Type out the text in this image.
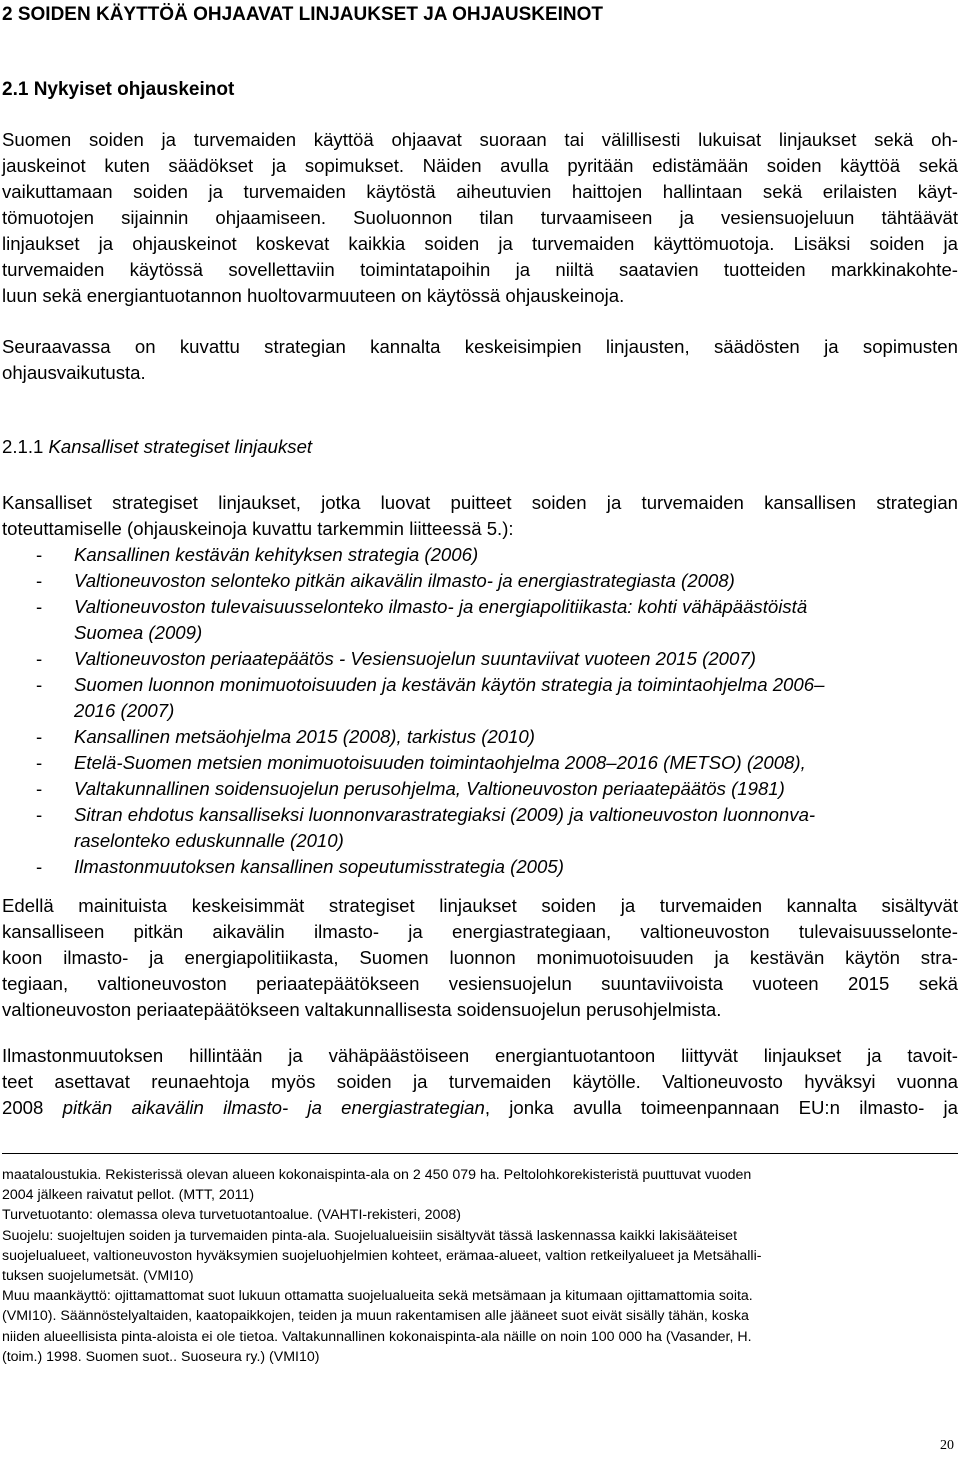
2 SOIDEN KÄYTTÖÄ OHJAAVAT LINJAUKSET JA OHJAUSKEINOT
2.1 Nykyiset ohjauskeinot
Suomen soiden ja turvemaiden käyttöä ohjaavat suoraan tai välillisesti lukuisat linjaukset sekä oh-
jauskeinot kuten säädökset ja sopimukset. Näiden avulla pyritään edistämään soiden käyttöä sekä
vaikuttamaan soiden ja turvemaiden käytöstä aiheutuvien haittojen hallintaan sekä erilaisten käyt-
tömuotojen sijainnin ohjaamiseen. Suoluonnon tilan turvaamiseen ja vesiensuojeluun tähtäävät
linjaukset ja ohjauskeinot koskevat kaikkia soiden ja turvemaiden käyttömuotoja. Lisäksi soiden ja
turvemaiden käytössä sovellettaviin toimintatapoihin ja niiltä saatavien tuotteiden markkinakohte-
luun sekä energiantuotannon huoltovarmuuteen on käytössä ohjauskeinoja.
Seuraavassa on kuvattu strategian kannalta keskeisimpien linjausten, säädösten ja sopimusten
ohjausvaikutusta.
2.1.1 Kansalliset strategiset linjaukset
Kansalliset strategiset linjaukset, jotka luovat puitteet soiden ja turvemaiden kansallisen strategian
toteuttamiselle (ohjauskeinoja kuvattu tarkemmin liitteessä 5.):
- Kansallinen kestävän kehityksen strategia (2006)
- Valtioneuvoston selonteko pitkän aikavälin ilmasto- ja energiastrategiasta (2008)
- Valtioneuvoston tulevaisuusselonteko ilmasto- ja energiapolitiikasta: kohti vähäpäästöistä
Suomea (2009)
- Valtioneuvoston periaatepäätös - Vesiensuojelun suuntaviivat vuoteen 2015 (2007)
- Suomen luonnon monimuotoisuuden ja kestävän käytön strategia ja toimintaohjelma 2006–
2016 (2007)
- Kansallinen metsäohjelma 2015 (2008), tarkistus (2010)
- Etelä-Suomen metsien monimuotoisuuden toimintaohjelma 2008–2016 (METSO) (2008),
- Valtakunnallinen soidensuojelun perusohjelma, Valtioneuvoston periaatepäätös (1981)
- Sitran ehdotus kansalliseksi luonnonvarastrategiaksi (2009) ja valtioneuvoston luonnonva-
raselonteko eduskunnalle (2010)
- Ilmastonmuutoksen kansallinen sopeutumisstrategia (2005)
Edellä mainituista keskeisimmät strategiset linjaukset soiden ja turvemaiden kannalta sisältyvät
kansalliseen pitkän aikavälin ilmasto- ja energiastrategiaan, valtioneuvoston tulevaisuusselonte-
koon ilmasto- ja energiapolitiikasta, Suomen luonnon monimuotoisuuden ja kestävän käytön stra-
tegiaan, valtioneuvoston periaatepäätökseen vesiensuojelun suuntaviivoista vuoteen 2015 sekä
valtioneuvoston periaatepäätökseen valtakunnallisesta soidensuojelun perusohjelmista.
Ilmastonmuutoksen hillintään ja vähäpäästöiseen energiantuotantoon liittyvät linjaukset ja tavoit-
teet asettavat reunaehtoja myös soiden ja turvemaiden käytölle. Valtioneuvosto hyväksyi vuonna
2008 pitkän aikavälin ilmasto- ja energiastrategian, jonka avulla toimeenpannaan EU:n ilmasto- ja
maataloustukia. Rekisterissä olevan alueen kokonaispinta-ala on 2 450 079 ha. Peltolohkorekisteristä puuttuvat vuoden
2004 jälkeen raivatut pellot. (MTT, 2011)
Turvetuotanto: olemassa oleva turvetuotantoalue. (VAHTI-rekisteri, 2008)
Suojelu: suojeltujen soiden ja turvemaiden pinta-ala. Suojelualueisiin sisältyvät tässä laskennassa kaikki lakisääteiset
suojelualueet, valtioneuvoston hyväksymien suojeluohjelmien kohteet, erämaa-alueet, valtion retkeilyalueet ja Metsähalli-
tuksen suojelumetsät. (VMI10)
Muu maankäyttö: ojittamattomat suot lukuun ottamatta suojelualueita sekä metsämaan ja kitumaan ojittamattomia soita.
(VMI10). Säännöstelyaltaiden, kaatopaikkojen, teiden ja muun rakentamisen alle jääneet suot eivät sisälly tähän, koska
niiden alueellisista pinta-aloista ei ole tietoa. Valtakunnallinen kokonaispinta-ala näille on noin 100 000 ha (Vasander, H.
(toim.) 1998. Suomen suot.. Suoseura ry.) (VMI10)
20
